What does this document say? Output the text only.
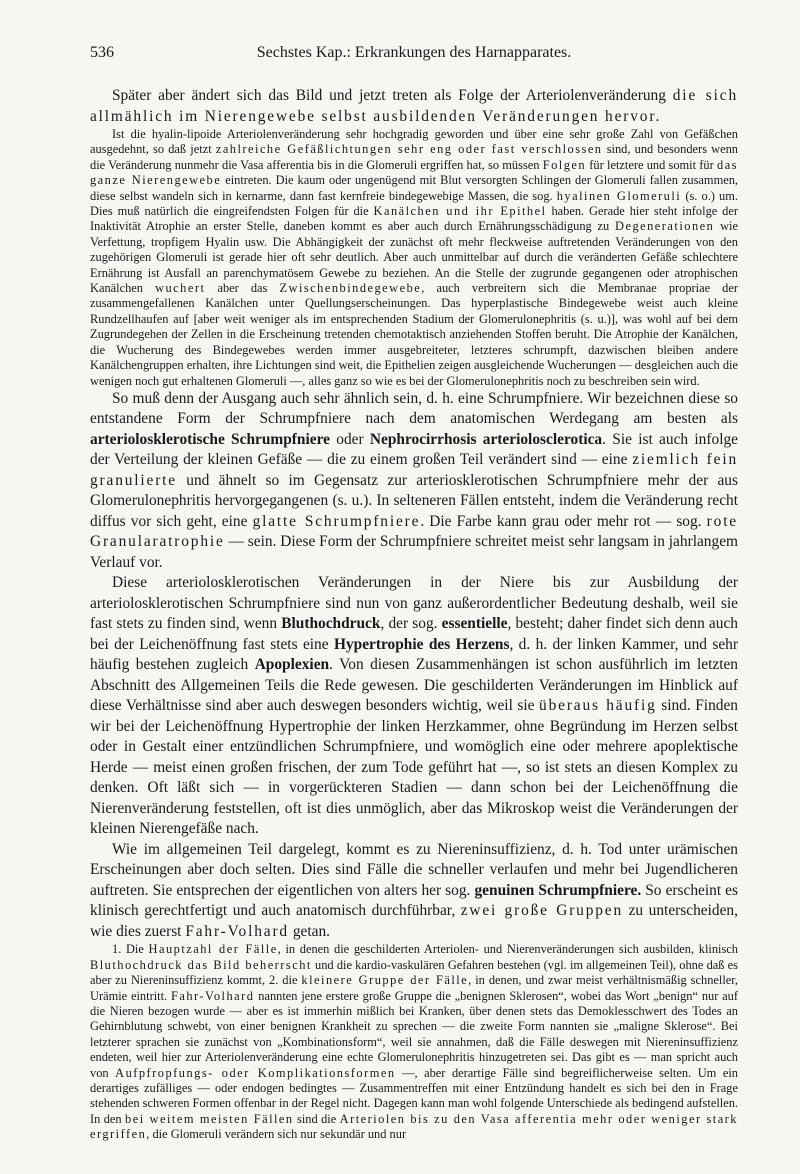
536	Sechstes Kap.: Erkrankungen des Harnapparates.

Später aber ändert sich das Bild und jetzt treten als Folge der Arteriolenveränderung die sich allmählich im Nierengewebe selbst ausbildenden Veränderungen hervor.

Ist die hyalin-lipoide Arteriolenveränderung sehr hochgradig geworden und über eine sehr große Zahl von Gefäßchen ausgedehnt, so daß jetzt zahlreiche Gefäßlichtungen sehr eng oder fast verschlossen sind, und besonders wenn die Veränderung nunmehr die Vasa afferentia bis in die Glomeruli ergriffen hat, so müssen Folgen für letztere und somit für das ganze Nierengewebe eintreten. Die kaum oder ungenügend mit Blut versorgten Schlingen der Glomeruli fallen zusammen, diese selbst wandeln sich in kernarme, dann fast kernfreie bindegewebige Massen, die sog. hyalinen Glomeruli (s. o.) um. Dies muß natürlich die eingreifendsten Folgen für die Kanälchen und ihr Epithel haben. Gerade hier steht infolge der Inaktivität Atrophie an erster Stelle, daneben kommt es aber auch durch Ernährungsschädigung zu Degenerationen wie Verfettung, tropfigem Hyalin usw. Die Abhängigkeit der zunächst oft mehr fleckweise auftretenden Veränderungen von den zugehörigen Glomeruli ist gerade hier oft sehr deutlich. Aber auch unmittelbar auf durch die veränderten Gefäße schlechtere Ernährung ist Ausfall an parenchymatösem Gewebe zu beziehen. An die Stelle der zugrunde gegangenen oder atrophischen Kanälchen wuchert aber das Zwischenbindegewebe, auch verbreitern sich die Membranae propriae der zusammengefallenen Kanälchen unter Quellungserscheinungen. Das hyperplastische Bindegewebe weist auch kleine Rundzellhaufen auf [aber weit weniger als im entsprechenden Stadium der Glomerulonephritis (s. u.)], was wohl auf bei dem Zugrundegehen der Zellen in die Erscheinung tretenden chemotaktisch anziehenden Stoffen beruht. Die Atrophie der Kanälchen, die Wucherung des Bindegewebes werden immer ausgebreiteter, letzteres schrumpft, dazwischen bleiben andere Kanälchengruppen erhalten, ihre Lichtungen sind weit, die Epithelien zeigen ausgleichende Wucherungen — desgleichen auch die wenigen noch gut erhaltenen Glomeruli —, alles ganz so wie es bei der Glomerulonephritis noch zu beschreiben sein wird.

So muß denn der Ausgang auch sehr ähnlich sein, d. h. eine Schrumpfniere. Wir bezeichnen diese so entstandene Form der Schrumpfniere nach dem anatomischen Werdegang am besten als arteriolosklerotische Schrumpfniere oder Nephrocirrhosis arteriolosclerotica. Sie ist auch infolge der Verteilung der kleinen Gefäße — die zu einem großen Teil verändert sind — eine ziemlich fein granulierte und ähnelt so im Gegensatz zur arteriosklerotischen Schrumpfniere mehr der aus Glomerulonephritis hervorgegangenen (s. u.). In selteneren Fällen entsteht, indem die Veränderung recht diffus vor sich geht, eine glatte Schrumpfniere. Die Farbe kann grau oder mehr rot — sog. rote Granularatrophie — sein. Diese Form der Schrumpfniere schreitet meist sehr langsam in jahrlangem Verlauf vor.

Diese arteriolosklerotischen Veränderungen in der Niere bis zur Ausbildung der arteriolosklerotischen Schrumpfniere sind nun von ganz außerordentlicher Bedeutung deshalb, weil sie fast stets zu finden sind, wenn Bluthochdruck, der sog. essentielle, besteht; daher findet sich denn auch bei der Leichenöffnung fast stets eine Hypertrophie des Herzens, d. h. der linken Kammer, und sehr häufig bestehen zugleich Apoplexien. Von diesen Zusammenhängen ist schon ausführlich im letzten Abschnitt des Allgemeinen Teils die Rede gewesen. Die geschilderten Veränderungen im Hinblick auf diese Verhältnisse sind aber auch deswegen besonders wichtig, weil sie überaus häufig sind. Finden wir bei der Leichenöffnung Hypertrophie der linken Herzkammer, ohne Begründung im Herzen selbst oder in Gestalt einer entzündlichen Schrumpfniere, und womöglich eine oder mehrere apoplektische Herde — meist einen großen frischen, der zum Tode geführt hat —, so ist stets an diesen Komplex zu denken. Oft läßt sich — in vorgerückteren Stadien — dann schon bei der Leichenöffnung die Nierenveränderung feststellen, oft ist dies unmöglich, aber das Mikroskop weist die Veränderungen der kleinen Nierengefäße nach.

Wie im allgemeinen Teil dargelegt, kommt es zu Niereninsuffizienz, d. h. Tod unter urämischen Erscheinungen aber doch selten. Dies sind Fälle die schneller verlaufen und mehr bei Jugendlicheren auftreten. Sie entsprechen der eigentlichen von alters her sog. genuinen Schrumpfniere. So erscheint es klinisch gerechtfertigt und auch anatomisch durchführbar, zwei große Gruppen zu unterscheiden, wie dies zuerst Fahr-Volhard getan.

1. Die Hauptzahl der Fälle, in denen die geschilderten Arteriolen- und Nierenveränderungen sich ausbilden, klinisch Bluthochdruck das Bild beherrscht und die kardio-vaskulären Gefahren bestehen (vgl. im allgemeinen Teil), ohne daß es aber zu Niereninsuffizienz kommt, 2. die kleinere Gruppe der Fälle, in denen, und zwar meist verhältnismäßig schneller, Urämie eintritt. Fahr-Volhard nannten jene erstere große Gruppe die „benignen Sklerosen“, wobei das Wort „benign“ nur auf die Nieren bezogen wurde — aber es ist immerhin mißlich bei Kranken, über denen stets das Demoklesschwert des Todes an Gehirnblutung schwebt, von einer benignen Krankheit zu sprechen — die zweite Form nannten sie „maligne Sklerose“. Bei letzterer sprachen sie zunächst von „Kombinationsform“, weil sie annahmen, daß die Fälle deswegen mit Niereninsuffizienz endeten, weil hier zur Arteriolenveränderung eine echte Glomerulonephritis hinzugetreten sei. Das gibt es — man spricht auch von Aufpfropfungs- oder Komplikationsformen —, aber derartige Fälle sind begreiflicherweise selten. Um ein derartiges zufälliges — oder endogen bedingtes — Zusammentreffen mit einer Entzündung handelt es sich bei den in Frage stehenden schweren Formen offenbar in der Regel nicht. Dagegen kann man wohl folgende Unterschiede als bedingend aufstellen. In den bei weitem meisten Fällen sind die Arteriolen bis zu den Vasa afferentia mehr oder weniger stark ergriffen, die Glomeruli verändern sich nur sekundär und nur
